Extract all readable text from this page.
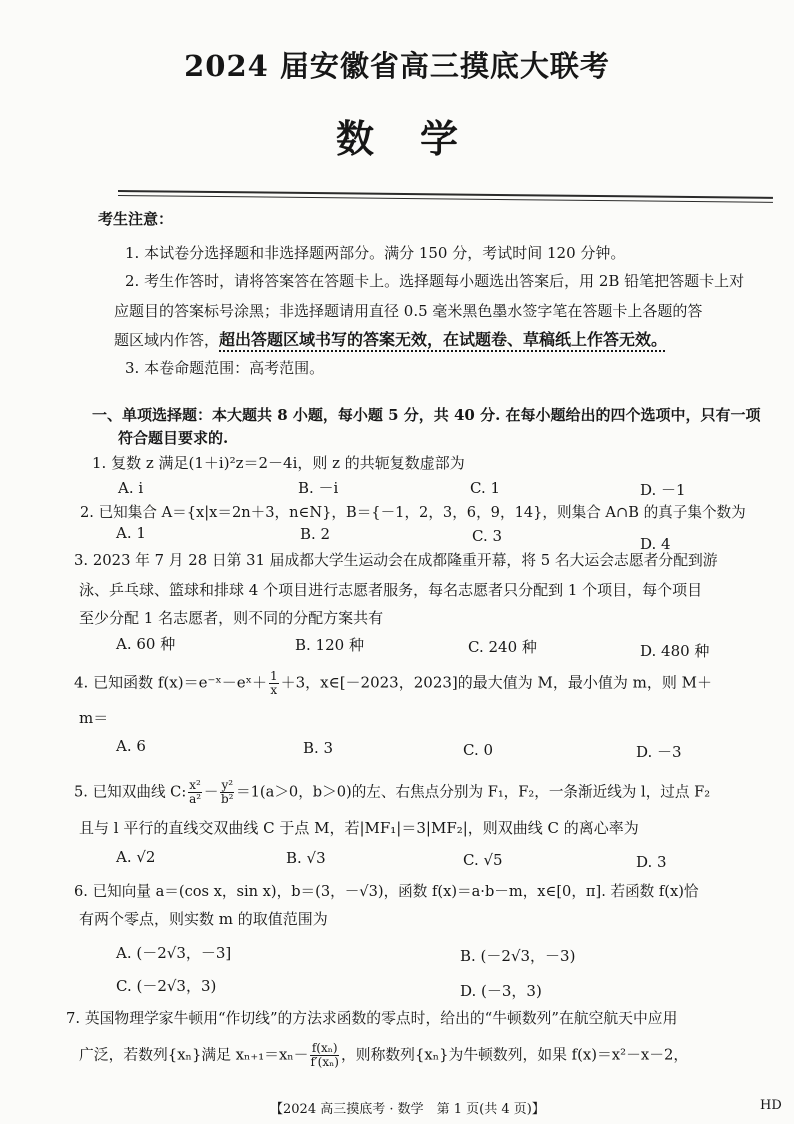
2024 届安徽省高三摸底大联考
数学
考生注意：
1. 本试卷分选择题和非选择题两部分。满分 150 分，考试时间 120 分钟。
2. 考生作答时，请将答案答在答题卡上。选择题每小题选出答案后，用 2B 铅笔把答题卡上对
应题目的答案标号涂黑；非选择题请用直径 0.5 毫米黑色墨水签字笔在答题卡上各题的答
题区域内作答，超出答题区域书写的答案无效，在试题卷、草稿纸上作答无效。
3. 本卷命题范围：高考范围。
一、单项选择题：本大题共 8 小题，每小题 5 分，共 40 分. 在每小题给出的四个选项中，只有一项
符合题目要求的.
1. 复数 z 满足(1＋i)²z＝2－4i，则 z 的共轭复数虚部为
A. i	B. －i	C. 1	D. －1
2. 已知集合 A＝{x|x＝2n＋3，n∈N}，B＝{－1，2，3，6，9，14}，则集合 A∩B 的真子集个数为
A. 1	B. 2	C. 3	D. 4
3. 2023 年 7 月 28 日第 31 届成都大学生运动会在成都隆重开幕，将 5 名大运会志愿者分配到游
泳、乒乓球、篮球和排球 4 个项目进行志愿者服务，每名志愿者只分配到 1 个项目，每个项目
至少分配 1 名志愿者，则不同的分配方案共有
A. 60 种	B. 120 种	C. 240 种	D. 480 种
4. 已知函数 f(x)＝e⁻ˣ－eˣ＋ $\frac{1}{x} +3$，x∈[－2023，2023]的最大值为 M，最小值为 m，则 M＋
m＝
A. 6	B. 3	C. 0	D. －3
5. 已知双曲线 C: $\frac{\text{x²}}{\text{a²}} - \frac{\text{y²}}{\text{b²}} =1(a>0$，b＞0)的左、右焦点分别为 F₁，F₂，一条渐近线为 l，过点 F₂
且与 l 平行的直线交双曲线 C 于点 M，若|MF₁|＝3|MF₂|，则双曲线 C 的离心率为
A. √2	B. √3	C. √5	D. 3
6. 已知向量 a＝(cos x，sin x)，b＝(3，－√3)，函数 f(x)＝a·b－m，x∈[0，π]. 若函数 f(x)恰
有两个零点，则实数 m 的取值范围为
A. (－2√3，－3]	B. (－2√3，－3)
C. (－2√3，3)	D. (－3，3)
7. 英国物理学家牛顿用“作切线”的方法求函数的零点时，给出的“牛顿数列”在航空航天中应用
广泛，若数列{xₙ}满足 $x_{n+1}=x_n- \frac{\text{f(xₙ)}}{\text{f′(xₙ)}}$ ，则称数列{xₙ}为牛顿数列，如果 f(x)＝x²－x－2，
【2024 高三摸底考 · 数学　第 1 页(共 4 页)】	HD
